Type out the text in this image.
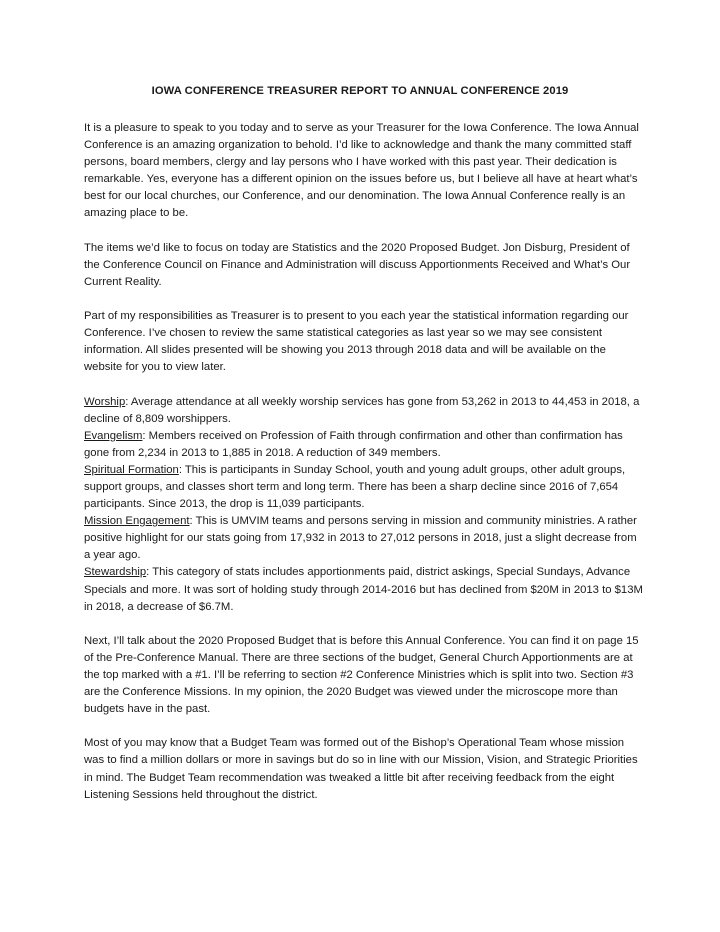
IOWA CONFERENCE TREASURER REPORT TO ANNUAL CONFERENCE 2019

It is a pleasure to speak to you today and to serve as your Treasurer for the Iowa Conference. The Iowa Annual Conference is an amazing organization to behold. I’d like to acknowledge and thank the many committed staff persons, board members, clergy and lay persons who I have worked with this past year. Their dedication is remarkable. Yes, everyone has a different opinion on the issues before us, but I believe all have at heart what’s best for our local churches, our Conference, and our denomination. The Iowa Annual Conference really is an amazing place to be.

The items we’d like to focus on today are Statistics and the 2020 Proposed Budget. Jon Disburg, President of the Conference Council on Finance and Administration will discuss Apportionments Received and What’s Our Current Reality.

Part of my responsibilities as Treasurer is to present to you each year the statistical information regarding our Conference. I’ve chosen to review the same statistical categories as last year so we may see consistent information. All slides presented will be showing you 2013 through 2018 data and will be available on the website for you to view later.

Worship: Average attendance at all weekly worship services has gone from 53,262 in 2013 to 44,453 in 2018, a decline of 8,809 worshippers.
Evangelism: Members received on Profession of Faith through confirmation and other than confirmation has gone from 2,234 in 2013 to 1,885 in 2018. A reduction of 349 members.
Spiritual Formation: This is participants in Sunday School, youth and young adult groups, other adult groups, support groups, and classes short term and long term. There has been a sharp decline since 2016 of 7,654 participants. Since 2013, the drop is 11,039 participants.
Mission Engagement: This is UMVIM teams and persons serving in mission and community ministries. A rather positive highlight for our stats going from 17,932 in 2013 to 27,012 persons in 2018, just a slight decrease from a year ago.
Stewardship: This category of stats includes apportionments paid, district askings, Special Sundays, Advance Specials and more. It was sort of holding study through 2014-2016 but has declined from $20M in 2013 to $13M in 2018, a decrease of $6.7M.

Next, I’ll talk about the 2020 Proposed Budget that is before this Annual Conference. You can find it on page 15 of the Pre-Conference Manual. There are three sections of the budget, General Church Apportionments are at the top marked with a #1. I’ll be referring to section #2 Conference Ministries which is split into two. Section #3 are the Conference Missions. In my opinion, the 2020 Budget was viewed under the microscope more than budgets have in the past.

Most of you may know that a Budget Team was formed out of the Bishop’s Operational Team whose mission was to find a million dollars or more in savings but do so in line with our Mission, Vision, and Strategic Priorities in mind. The Budget Team recommendation was tweaked a little bit after receiving feedback from the eight Listening Sessions held throughout the district.
